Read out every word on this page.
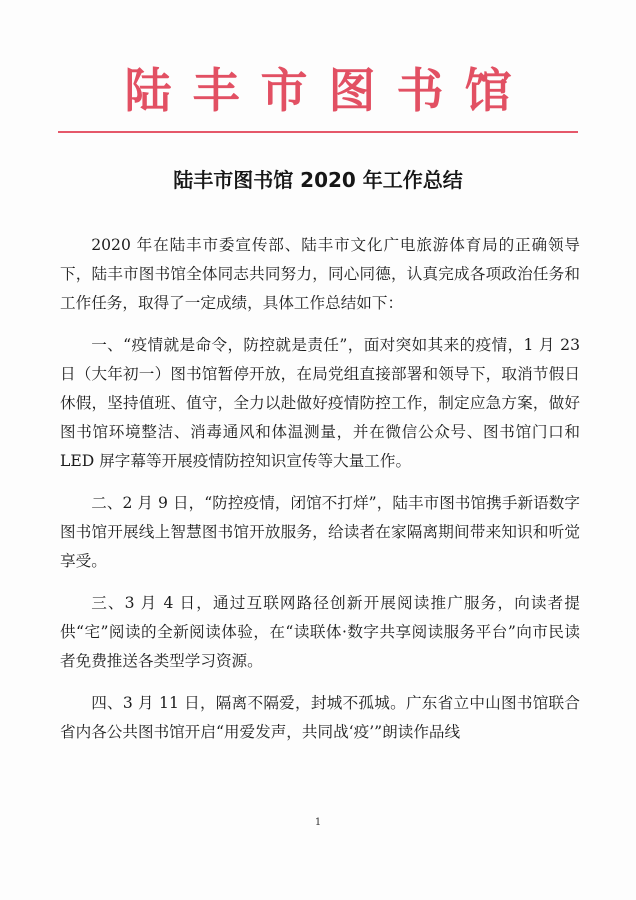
陆丰市图书馆
陆丰市图书馆 2020 年工作总结

2020 年在陆丰市委宣传部、陆丰市文化广电旅游体育局的正确领导下，陆丰市图书馆全体同志共同努力，同心同德，认真完成各项政治任务和工作任务，取得了一定成绩，具体工作总结如下：

一、“疫情就是命令，防控就是责任”，面对突如其来的疫情，1 月 23 日（大年初一）图书馆暂停开放，在局党组直接部署和领导下，取消节假日休假，坚持值班、值守，全力以赴做好疫情防控工作，制定应急方案，做好图书馆环境整洁、消毒通风和体温测量，并在微信公众号、图书馆门口和 LED 屏字幕等开展疫情防控知识宣传等大量工作。

二、2 月 9 日，“防控疫情，闭馆不打烊”，陆丰市图书馆携手新语数字图书馆开展线上智慧图书馆开放服务，给读者在家隔离期间带来知识和听觉享受。

三、3 月 4 日，通过互联网路径创新开展阅读推广服务，向读者提供“宅”阅读的全新阅读体验，在“读联体·数字共享阅读服务平台”向市民读者免费推送各类型学习资源。

四、3 月 11 日，隔离不隔爱，封城不孤城。广东省立中山图书馆联合省内各公共图书馆开启“用爱发声，共同战‘疫’”朗读作品线

1
